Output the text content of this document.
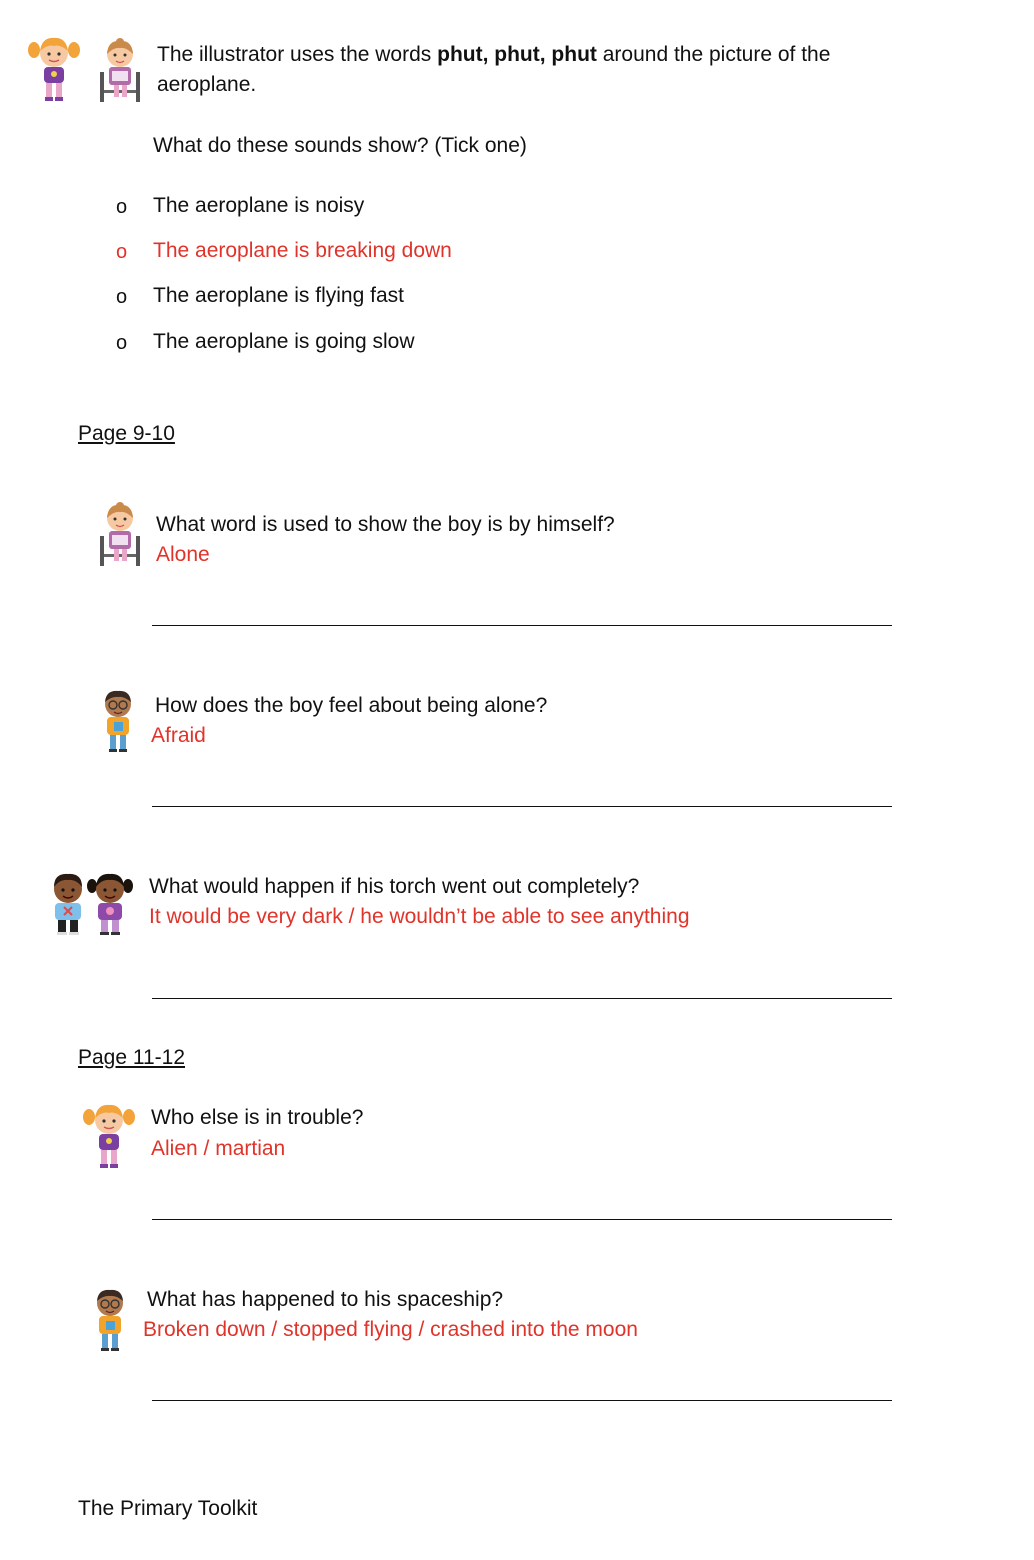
The illustrator uses the words phut, phut, phut around the picture of the
aeroplane.
What do these sounds show? (Tick one)
o The aeroplane is noisy
o The aeroplane is breaking down
o The aeroplane is flying fast
o The aeroplane is going slow
Page 9-10
What word is used to show the boy is by himself?
Alone
How does the boy feel about being alone?
Afraid
What would happen if his torch went out completely?
It would be very dark / he wouldn’t be able to see anything
Page 11-12
Who else is in trouble?
Alien / martian
What has happened to his spaceship?
Broken down / stopped flying / crashed into the moon
The Primary Toolkit
